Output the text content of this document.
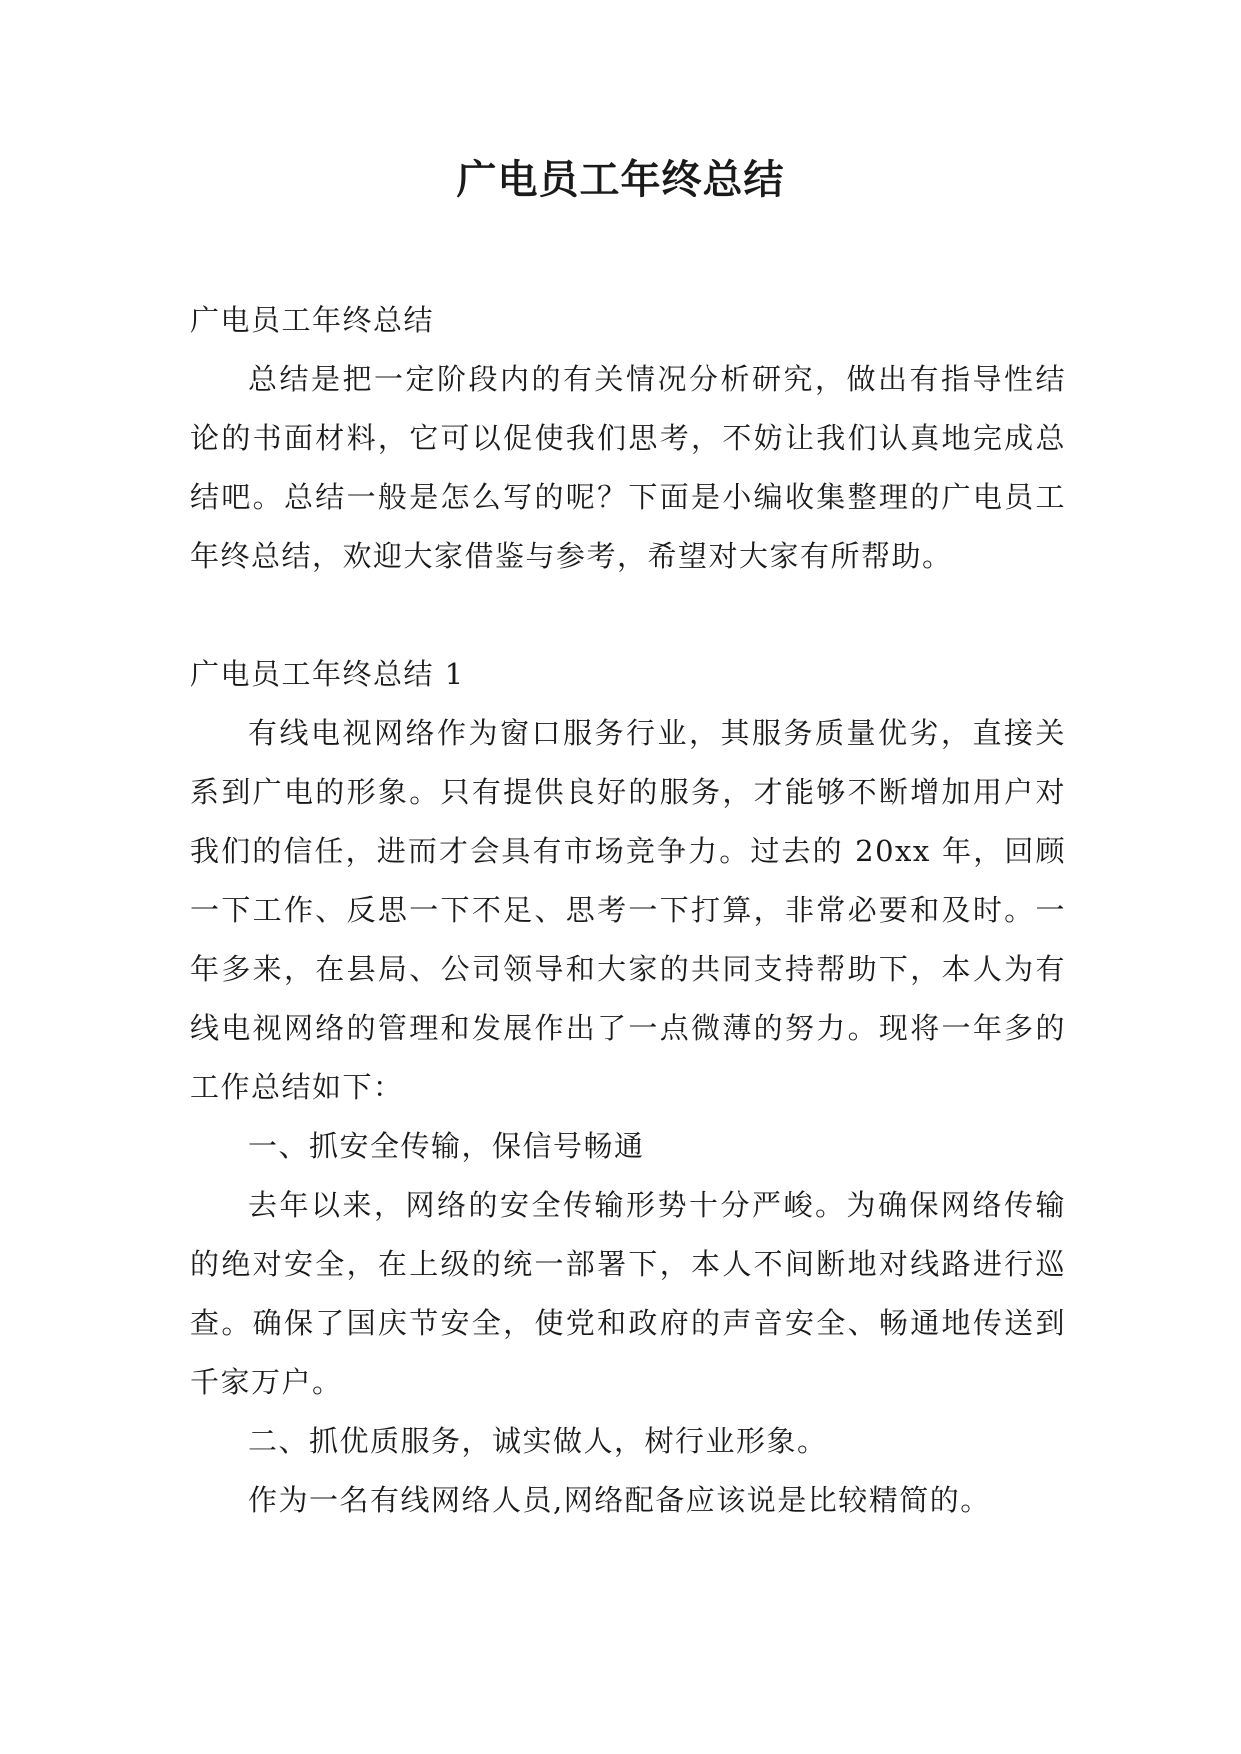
广电员工年终总结

广电员工年终总结

总结是把一定阶段内的有关情况分析研究，做出有指导性结论的书面材料，它可以促使我们思考，不妨让我们认真地完成总结吧。总结一般是怎么写的呢？下面是小编收集整理的广电员工年终总结，欢迎大家借鉴与参考，希望对大家有所帮助。

广电员工年终总结 1

有线电视网络作为窗口服务行业，其服务质量优劣，直接关系到广电的形象。只有提供良好的服务，才能够不断增加用户对我们的信任，进而才会具有市场竞争力。过去的 20xx 年，回顾一下工作、反思一下不足、思考一下打算，非常必要和及时。一年多来，在县局、公司领导和大家的共同支持帮助下，本人为有线电视网络的管理和发展作出了一点微薄的努力。现将一年多的工作总结如下：

一、抓安全传输，保信号畅通

去年以来，网络的安全传输形势十分严峻。为确保网络传输的绝对安全，在上级的统一部署下，本人不间断地对线路进行巡查。确保了国庆节安全，使党和政府的声音安全、畅通地传送到千家万户。

二、抓优质服务，诚实做人，树行业形象。

作为一名有线网络人员,网络配备应该说是比较精简的。
